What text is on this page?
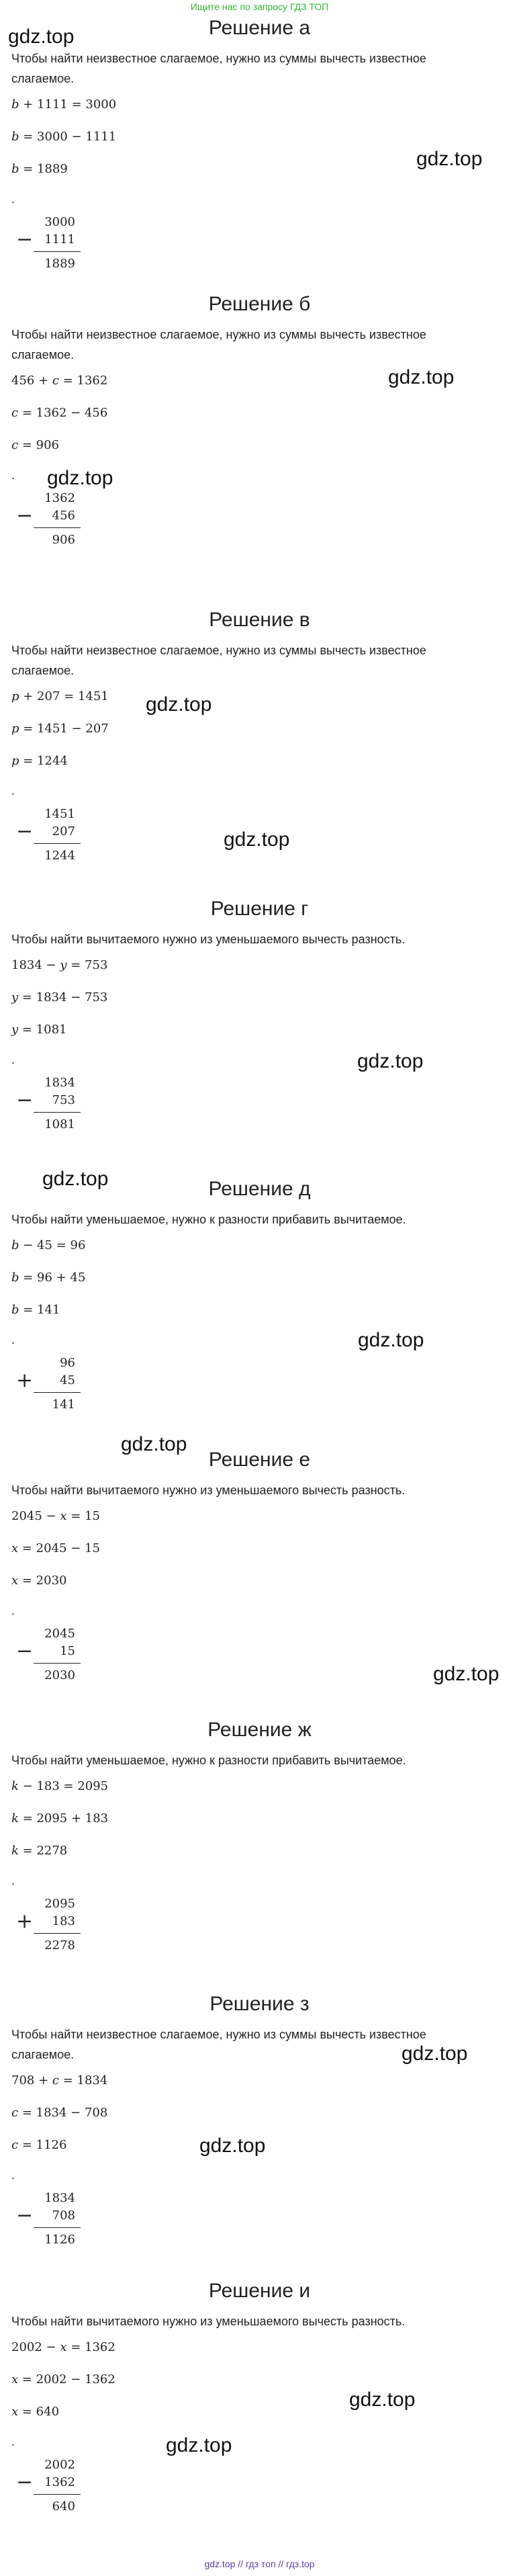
Ищите нас по запросу ГДЗ ТОП
gdz.top	Решение а
Чтобы найти неизвестное слагаемое, нужно из суммы вычесть известное слагаемое.
b + 1111 = 3000
b = 3000 − 1111
b = 1889
.
−
3000
1111
1889
Решение б
Чтобы найти неизвестное слагаемое, нужно из суммы вычесть известное слагаемое.
456 + c = 1362
c = 1362 − 456
c = 906
.
−
1362
456
906
Решение в
Чтобы найти неизвестное слагаемое, нужно из суммы вычесть известное слагаемое.
p + 207 = 1451
p = 1451 − 207
p = 1244
.
−
1451
207
1244
Решение г
Чтобы найти вычитаемого нужно из уменьшаемого вычесть разность.
1834 − y = 753
y = 1834 − 753
y = 1081
.
−
1834
753
1081
Решение д
Чтобы найти уменьшаемое, нужно к разности прибавить вычитаемое.
b − 45 = 96
b = 96 + 45
b = 141
.
+
96
45
141
Решение е
Чтобы найти вычитаемого нужно из уменьшаемого вычесть разность.
2045 − x = 15
x = 2045 − 15
x = 2030
.
−
2045
15
2030
Решение ж
Чтобы найти уменьшаемое, нужно к разности прибавить вычитаемое.
k − 183 = 2095
k = 2095 + 183
k = 2278
.
+
2095
183
2278
Решение з
Чтобы найти неизвестное слагаемое, нужно из суммы вычесть известное слагаемое.
708 + c = 1834
c = 1834 − 708
c = 1126
.
−
1834
708
1126
Решение и
Чтобы найти вычитаемого нужно из уменьшаемого вычесть разность.
2002 − x = 1362
x = 2002 − 1362
x = 640
.
−
2002
1362
640
gdz.top
gdz.top
gdz.top
gdz.top
gdz.top
gdz.top
gdz.top
gdz.top
gdz.top
gdz.top
gdz.top
gdz.top
gdz.top
gdz.top
gdz.top // гдз топ // гдз.top
